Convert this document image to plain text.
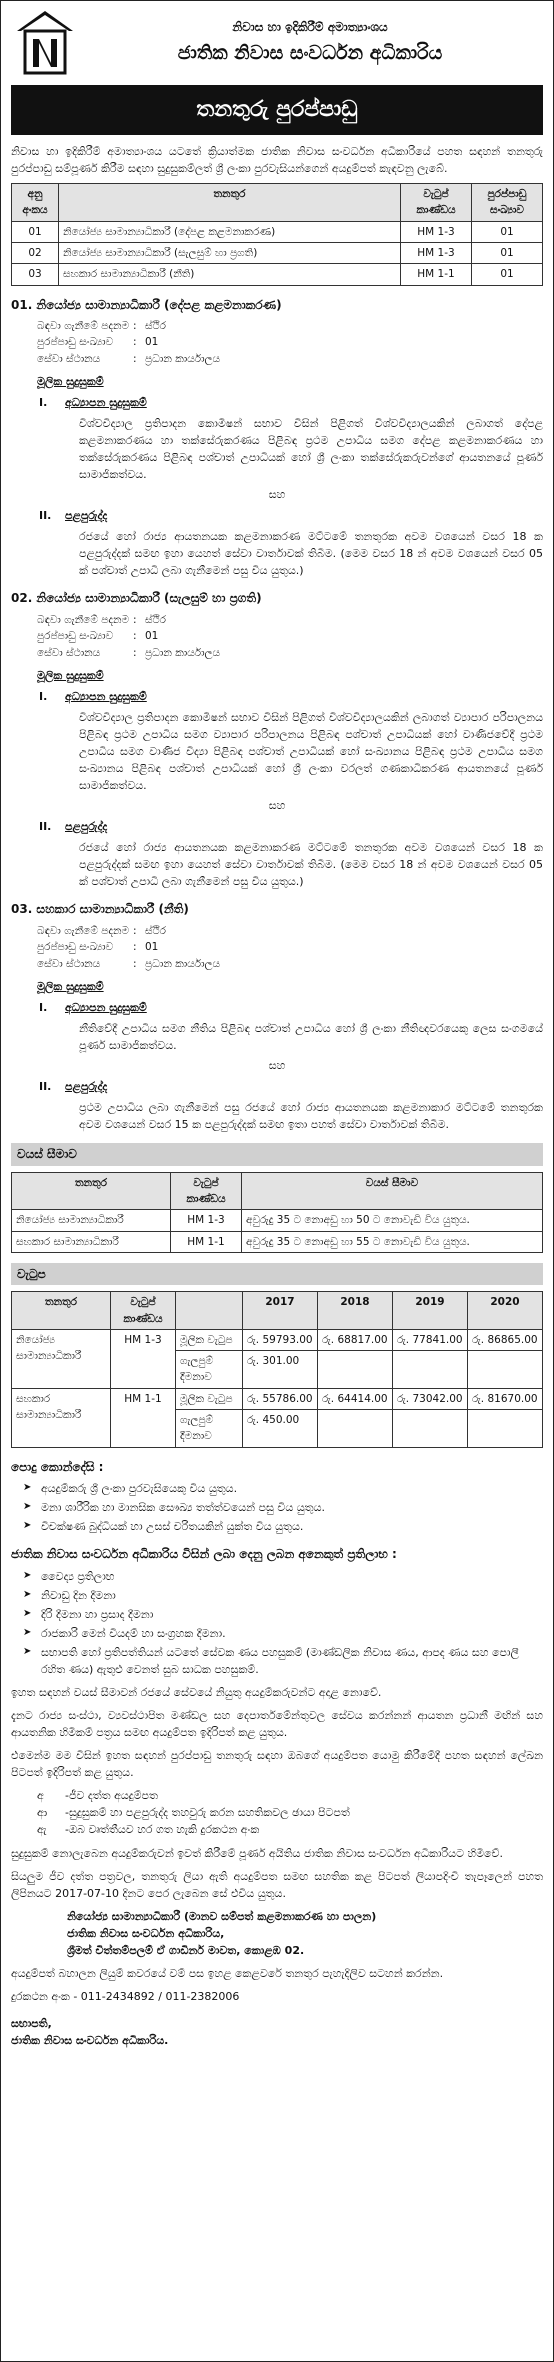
නිවාස හා ඉදිකිරීම් අමාත්‍යාංශය
ජාතික නිවාස සංවර්ධන අධිකාරිය
තනතුරු පුරප්පාඩු

නිවාස හා ඉදිකිරීම් අමාත්‍යාංශය යටතේ ක්‍රියාත්මක ජාතික නිවාස සංවර්ධන අධිකාරියේ පහත සඳහන් තනතුරු පුරප්පාඩු සම්පූර්ණ කිරීම සඳහා සුදුසුකම්ලත් ශ්‍රී ලංකා පුරවැසියන්ගෙන් අයදුම්පත් කැඳවනු ලැබේ.

අනු අංකය	තනතුර	වැටුප් කාණ්ඩය	පුරප්පාඩු සංඛ්‍යාව
01	නියෝජ්‍ය සාමාන්‍යාධිකාරී (දේපළ කළමනාකරණ)	HM 1-3	01
02	නියෝජ්‍ය සාමාන්‍යාධිකාරී (සැලසුම් හා ප්‍රගති)	HM 1-3	01
03	සහකාර සාමාන්‍යාධිකාරී (නීති)	HM 1-1	01
01. නියෝජ්‍ය සාමාන්‍යාධිකාරී (දේපළ කළමනාකරණ)
බඳවා ගැනීමේ පදනම : ස්ථිර
පුරප්පාඩු සංඛ්‍යාව	: 01
සේවා ස්ථානය	: ප්‍රධාන කාර්යාලය
මූලික සුදුසුකම්
I.	අධ්‍යාපන සුදුසුකම්
විශ්වවිද්‍යාල ප්‍රතිපාදන කොමිෂන් සභාව විසින් පිළිගත් විශ්වවිද්‍යාලයකින් ලබාගත් දේපළ කළමනාකරණය හා තක්සේරුකරණය පිළිබඳ ප්‍රථම උපාධිය සමග දේපළ කළමනාකරණය හා තක්සේරුකරණය පිළිබඳ පශ්චාත් උපාධියක් හෝ ශ්‍රී ලංකා තක්සේරුකරුවන්ගේ ආයතනයේ පූර්ණ සාමාජිකත්වය.
සහ
II.	පළපුරුද්ද
රජයේ හෝ රාජ්‍ය ආයතනයක කළමනාකරණ මට්ටමේ තනතුරක අවම වශයෙන් වසර 18 ක පළපුරුද්දක් සමඟ ඉහා යෙහත් සේවා වාර්තාවක් තිබීම. (මෙම වසර 18 න් අවම වශයෙන් වසර 05 ක් පශ්චාත් උපාධි ලබා ගැනීමෙන් පසු විය යුතුය.)
02. නියෝජ්‍ය සාමාන්‍යාධිකාරී (සැලසුම් හා ප්‍රගති)
බඳවා ගැනීමේ පදනම : ස්ථිර
පුරප්පාඩු සංඛ්‍යාව	: 01
සේවා ස්ථානය	: ප්‍රධාන කාර්යාලය
මූලික සුදුසුකම්
I.	අධ්‍යාපන සුදුසුකම්
විශ්වවිද්‍යාල ප්‍රතිපාදන කොමිෂන් සභාව විසින් පිළිගත් විශ්වවිද්‍යාලයකින් ලබාගත් ව්‍යාපාර පරිපාලනය පිළිබඳ ප්‍රථම උපාධිය සමග ව්‍යාපාර පරිපාලනය පිළිබඳ පශ්චාත් උපාධියක් හෝ වාණිජවේදී ප්‍රථම උපාධිය සමග වාණිජ විද්‍යා පිළිබඳ පශ්චාත් උපාධියක් හෝ සංඛ්‍යානය පිළිබඳ ප්‍රථම උපාධිය සමග සංඛ්‍යානය පිළිබඳ පශ්චාත් උපාධියක් හෝ ශ්‍රී ලංකා වරලත් ගණකාධිකරණ ආයතනයේ පූර්ණ සාමාජිකත්වය.
සහ
II.	පළපුරුද්ද
රජයේ හෝ රාජ්‍ය ආයතනයක කළමනාකරණ මට්ටමේ තනතුරක අවම වශයෙන් වසර 18 ක පළපුරුද්දක් සමඟ ඉහා යෙහත් සේවා වාර්තාවක් තිබීම. (මෙම වසර 18 න් අවම වශයෙන් වසර 05 ක් පශ්චාත් උපාධි ලබා ගැනීමෙන් පසු විය යුතුය.)
03. සහකාර සාමාන්‍යාධිකාරී (නීති)
බඳවා ගැනීමේ පදනම : ස්ථිර
පුරප්පාඩු සංඛ්‍යාව	: 01
සේවා ස්ථානය	: ප්‍රධාන කාර්යාලය
මූලික සුදුසුකම්
I.	අධ්‍යාපන සුදුසුකම්
නීතිවේදී උපාධිය සමග නීතිය පිළිබඳ පශ්චාත් උපාධිය හෝ ශ්‍රී ලංකා නීතිඥවරයෙකු ලෙස සංගමයේ පූර්ණ සාමාජිකත්වය.
සහ
II.	පළපුරුද්ද
ප්‍රථම උපාධිය ලබා ගැනීමෙන් පසු රජයේ හෝ රාජ්‍ය ආයතනයක කළමනාකාර මට්ටමේ තනතුරක අවම වශයෙන් වසර 15 ක පළපුරුද්දක් සමඟ ඉතා පහත් සේවා වාර්තාවක් තිබීම.
වයස් සීමාව
තනතුර	වැටුප් කාණ්ඩය	වයස් සීමාව
නියෝජ්‍ය සාමාන්‍යාධිකාරී	HM 1-3	අවුරුදු 35 ට නොඅඩු හා 50 ට නොවැඩි විය යුතුය.
සහකාර සාමාන්‍යාධිකාරී	HM 1-1	අවුරුදු 35 ට නොඅඩු හා 55 ට නොවැඩි විය යුතුය.
වැටුප
තනතුර	වැටුප් කාණ්ඩය		2017	2018	2019	2020
නියෝජ්‍ය සාමාන්‍යාධිකාරී	HM 1-3	මූලික වැටුප	රු. 59793.00	රු. 68817.00	රු. 77841.00	රු. 86865.00
		ගැලපුම් දීමනාව	රු. 301.00			
සහකාර සාමාන්‍යාධිකාරී	HM 1-1	මූලික වැටුප	රු. 55786.00	රු. 64414.00	රු. 73042.00	රු. 81670.00
		ගැලපුම් දීමනාව	රු. 450.00			
පොදු කොන්දේසි :
➤ අයදුම්කරු ශ්‍රී ලංකා පුරවැසියෙකු විය යුතුය.
➤ මනා ශාරීරික හා මානසික සෞඛ්‍ය තත්ත්වයෙන් පසු විය යුතුය.
➤ විචක්ෂණ බුද්ධියක් හා උසස් චරිතයකින් යුක්ත විය යුතුය.
ජාතික නිවාස සංවර්ධන අධිකාරිය විසින් ලබා දෙනු ලබන අනෙකුත් ප්‍රතිලාභ :
➤ වෛද්‍ය ප්‍රතිලාභ
➤ නිවාඩු දින දීමනා
➤ දිරි දීමනා හා ප්‍රසාද දීමනා
➤ රාජකාරි මෙන් වියදම් හා සංග්‍රහක දීමනා.
➤ සභාපති හෝ ප්‍රතිපත්තියන් යටතේ සේවක ණය පහසුකම් (මාණ්ඩලික නිවාස ණය, ආපද ණය සහ පොලී රහිත ණය) ඇතුළු වෙනත් සුබ සාධක පහසුකම්.

ඉහත සඳහන් වයස් සීමාවන් රජයේ සේවයේ නියුතු අයදුම්කරුවන්ට අදාළ නොවේ.

දැනට රාජ්‍ය සංස්ථා, ව්‍යවස්ථාපිත මණ්ඩල සහ දෙපාර්තමේන්තුවල සේවය කරන්නන් ආයතන ප්‍රධානී මඟින් සහ ආයතනික හිමිකම් පත්‍රය සමඟ අයදුම්පත ඉදිරිපත් කළ යුතුය.

එමෙන්ම මම විසින් ඉහත සඳහන් පුරප්පාඩු තනතුරු සඳහා ඔබගේ අයදුම්පත යොමු කිරීමේදී පහත සඳහන් ලේඛන පිටපත් ඉදිරිපත් කළ යුතුය.

අ	- ජීව දත්ත අයදුම්පත
ආ	- සුදුසුකම් හා පළපුරුද්ද තහවුරු කරන සහතිකවල ඡායා පිටපත්
ඇ	- ඔබ වෘත්තීයව හර ගත හැකි දුරකථන අංක

සුදුසුකම් නොලැබෙන අයදුම්කරුවන් ඉවත් කිරීමේ පූර්ණ අයිතිය ජාතික නිවාස සංවර්ධන අධිකාරියට හිමිවේ.

සියලුම ජීව දත්ත පත්‍රවල, තනතුරු ලියා ඇති අයදුම්පත සමඟ සහතික කළ පිටපත් ලියාපදිංචි තැපෑලෙන් පහත ලිපිනයට 2017-07-10 දිනට පෙර ලැබෙන සේ එවිය යුතුය.

නියෝජ්‍ය සාමාන්‍යාධිකාරී (මානව සම්පත් කළමනාකරණ හා පාලන)
ජාතික නිවාස සංවර්ධන අධිකාරිය,
ශ්‍රීමත් චිත්තම්පලම් ඒ ගාඩිනර් මාවත, කොළඹ 02.

අයදුම්පත් බහාලන ලියුම් කවරයේ වම් පස ඉහළ කෙළවරේ තනතුර පැහැදිලිව සටහන් කරන්න.

දුරකථන අංක - 011-2434892 / 011-2382006

සභාපති,
ජාතික නිවාස සංවර්ධන අධිකාරිය.
